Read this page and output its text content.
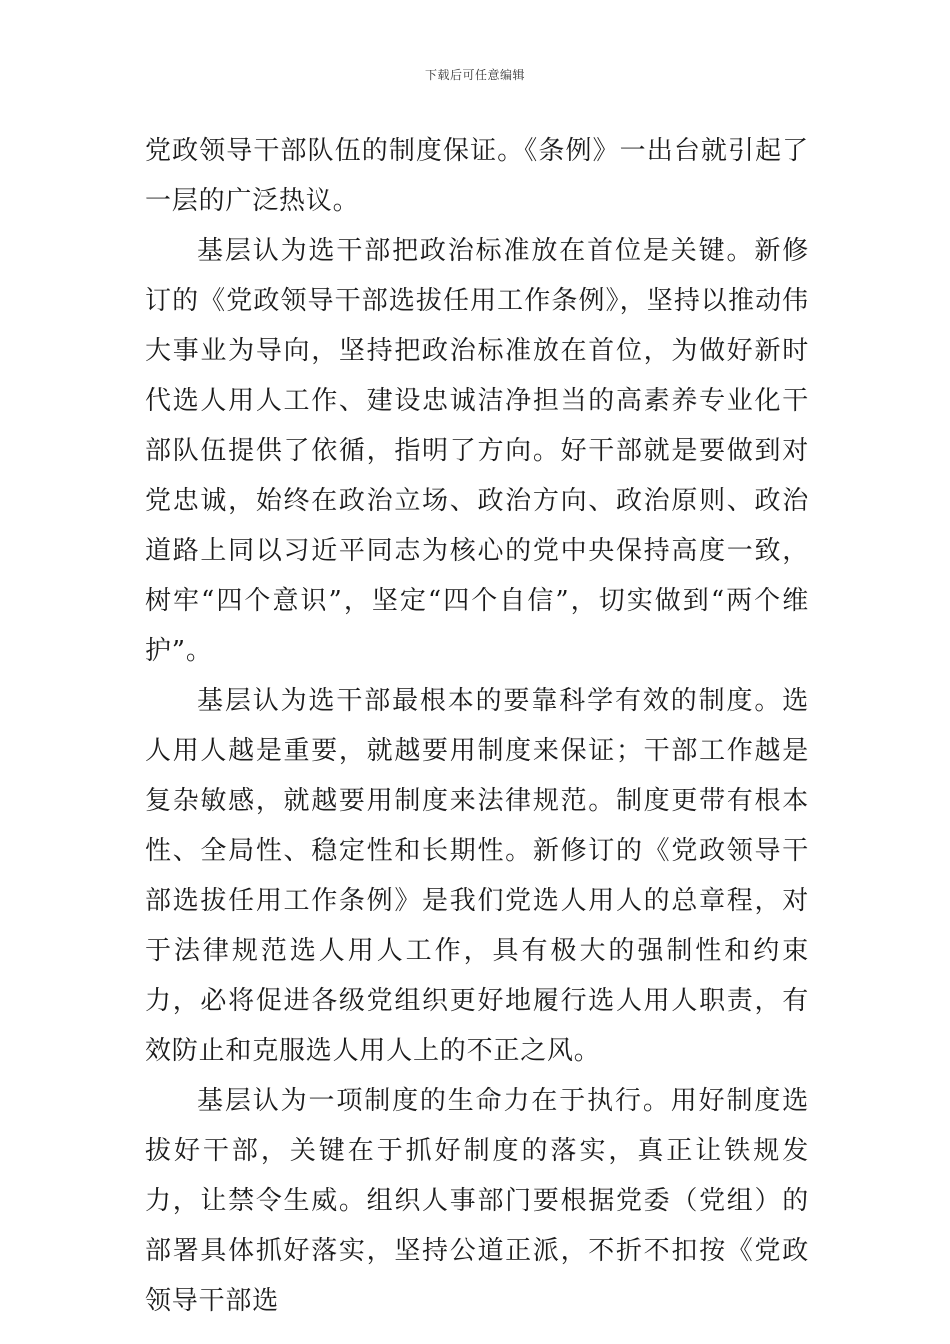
下载后可任意编辑

党政领导干部队伍的制度保证。《条例》一出台就引起了一层的广泛热议。

基层认为选干部把政治标准放在首位是关键。新修订的《党政领导干部选拔任用工作条例》，坚持以推动伟大事业为导向，坚持把政治标准放在首位，为做好新时代选人用人工作、建设忠诚洁净担当的高素养专业化干部队伍提供了依循，指明了方向。好干部就是要做到对党忠诚，始终在政治立场、政治方向、政治原则、政治道路上同以习近平同志为核心的党中央保持高度一致，树牢“四个意识”，坚定“四个自信”，切实做到“两个维护”。

基层认为选干部最根本的要靠科学有效的制度。选人用人越是重要，就越要用制度来保证；干部工作越是复杂敏感，就越要用制度来法律规范。制度更带有根本性、全局性、稳定性和长期性。新修订的《党政领导干部选拔任用工作条例》是我们党选人用人的总章程，对于法律规范选人用人工作，具有极大的强制性和约束力，必将促进各级党组织更好地履行选人用人职责，有效防止和克服选人用人上的不正之风。

基层认为一项制度的生命力在于执行。用好制度选拔好干部，关键在于抓好制度的落实，真正让铁规发力，让禁令生威。组织人事部门要根据党委（党组）的部署具体抓好落实，坚持公道正派，不折不扣按《党政领导干部选
